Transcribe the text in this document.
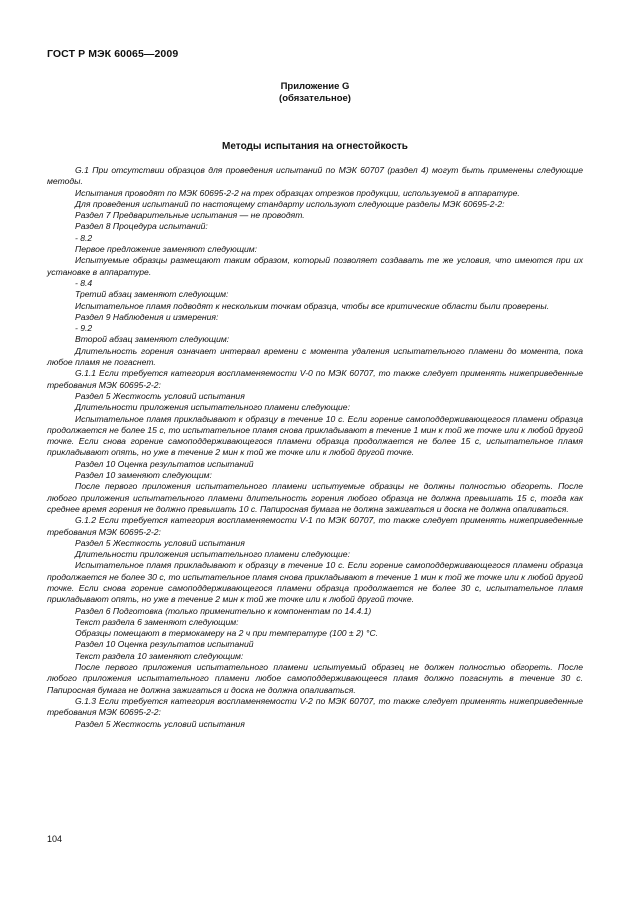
ГОСТ Р МЭК 60065—2009
Приложение G
(обязательное)
Методы испытания на огнестойкость

G.1 При отсутствии образцов для проведения испытаний по МЭК 60707 (раздел 4) могут быть применены следующие методы.

Испытания проводят по МЭК 60695-2-2 на трех образцах отрезков продукции, используемой в аппаратуре.

Для проведения испытаний по настоящему стандарту используют следующие разделы МЭК 60695-2-2:

Раздел 7 Предварительные испытания — не проводят.

Раздел 8 Процедура испытаний:

- 8.2

Первое предложение заменяют следующим:

Испытуемые образцы размещают таким образом, который позволяет создавать те же условия, что имеются при их установке в аппаратуре.

- 8.4

Третий абзац заменяют следующим:

Испытательное пламя подводят к нескольким точкам образца, чтобы все критические области были проверены.

Раздел 9 Наблюдения и измерения:

- 9.2

Второй абзац заменяют следующим:

Длительность горения означает интервал времени с момента удаления испытательного пламени до момента, пока любое пламя не погаснет.

G.1.1 Если требуется категория воспламеняемости V-0 по МЭК 60707, то также следует применять нижеприведенные требования МЭК 60695-2-2:

Раздел 5 Жесткость условий испытания

Длительности приложения испытательного пламени следующие:

Испытательное пламя прикладывают к образцу в течение 10 с. Если горение самоподдерживающегося пламени образца продолжается не более 15 с, то испытательное пламя снова прикладывают в течение 1 мин к той же точке или к любой другой точке. Если снова горение самоподдерживающегося пламени образца продолжается не более 15 с, испытательное пламя прикладывают опять, но уже в течение 2 мин к той же точке или к любой другой точке.

Раздел 10 Оценка результатов испытаний

Раздел 10 заменяют следующим:

После первого приложения испытательного пламени испытуемые образцы не должны полностью обгореть. После любого приложения испытательного пламени длительность горения любого образца не должна превышать 15 с, тогда как среднее время горения не должно превышать 10 с. Папиросная бумага не должна зажигаться и доска не должна опаливаться.

G.1.2 Если требуется категория воспламеняемости V-1 по МЭК 60707, то также следует применять нижеприведенные требования МЭК 60695-2-2:

Раздел 5 Жесткость условий испытания

Длительности приложения испытательного пламени следующие:

Испытательное пламя прикладывают к образцу в течение 10 с. Если горение самоподдерживающегося пламени образца продолжается не более 30 с, то испытательное пламя снова прикладывают в течение 1 мин к той же точке или к любой другой точке. Если снова горение самоподдерживающегося пламени образца продолжается не более 30 с, испытательное пламя прикладывают опять, но уже в течение 2 мин к той же точке или к любой другой точке.

Раздел 6 Подготовка (только применительно к компонентам по 14.4.1)

Текст раздела 6 заменяют следующим:

Образцы помещают в термокамеру на 2 ч при температуре (100 ± 2) °С.

Раздел 10 Оценка результатов испытаний

Текст раздела 10 заменяют следующим:

После первого приложения испытательного пламени испытуемый образец не должен полностью обгореть. После любого приложения испытательного пламени любое самоподдерживающееся пламя должно погаснуть в течение 30 с. Папиросная бумага не должна зажигаться и доска не должна опаливаться.

G.1.3 Если требуется категория воспламеняемости V-2 по МЭК 60707, то также следует применять нижеприведенные требования МЭК 60695-2-2:

Раздел 5 Жесткость условий испытания

104
